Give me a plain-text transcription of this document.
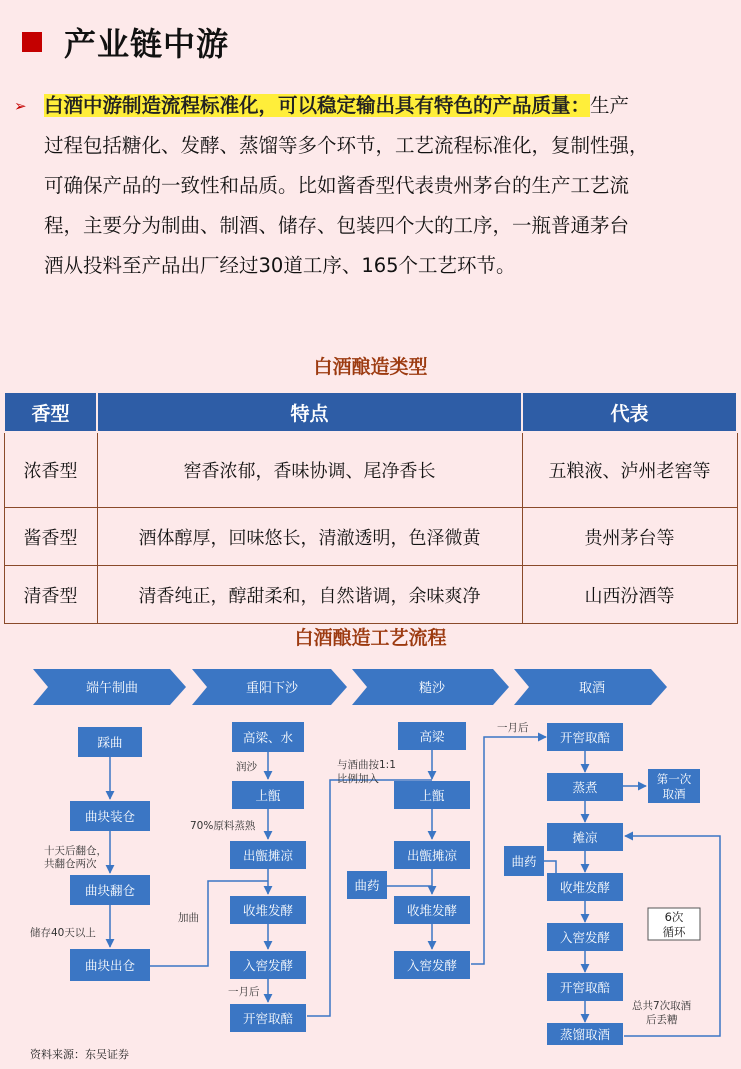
产业链中游
➢ 白酒中游制造流程标准化，可以稳定输出具有特色的产品质量：生产
过程包括糖化、发酵、蒸馏等多个环节，工艺流程标准化，复制性强，
可确保产品的一致性和品质。比如酱香型代表贵州茅台的生产工艺流
程，主要分为制曲、制酒、储存、包装四个大的工序，一瓶普通茅台
酒从投料至产品出厂经过30道工序、165个工艺环节。
白酒酿造类型
香型	特点	代表
浓香型	窖香浓郁，香味协调、尾净香长	五粮液、泸州老窖等
酱香型	酒体醇厚，回味悠长，清澈透明，色泽微黄	贵州茅台等
清香型	清香纯正，醇甜柔和，自然谐调，余味爽净	山西汾酒等
白酒酿造工艺流程
端午制曲	重阳下沙	糙沙	取酒
踩曲
曲块装仓
曲块翻仓
曲块出仓
高梁、水
上甑
出甑摊凉
收堆发酵
入窖发酵
开窖取醅
高梁
上甑
出甑摊凉
收堆发酵
入窖发酵
开窖取醅
蒸煮
摊凉
收堆发酵
入窖发酵
开窖取醅
蒸馏取酒
曲药
曲药
第一次
取酒
6次
循环
十天后翻仓，
共翻仓两次
储存40天以上
加曲
润沙
70%原料蒸熟
一月后
与酒曲按1:1
比例加入
一月后
总共7次取酒
后丢糟
资料来源：东吴证券
